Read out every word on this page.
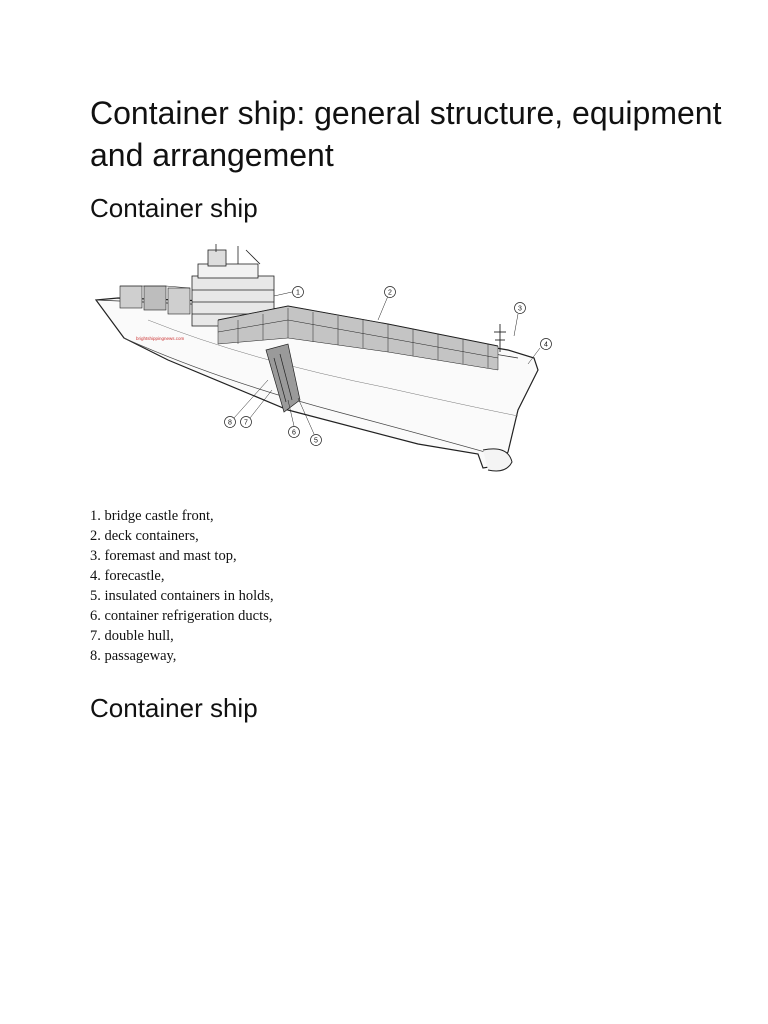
Container ship: general structure, equipment and arrangement
Container ship
brightshippingnews.com
1	2
3
4
5
6
7
8
1. bridge castle front,
2. deck containers,
3. foremast and mast top,
4. forecastle,
5. insulated containers in holds,
6. container refrigeration ducts,
7. double hull,
8. passageway,
Container ship
